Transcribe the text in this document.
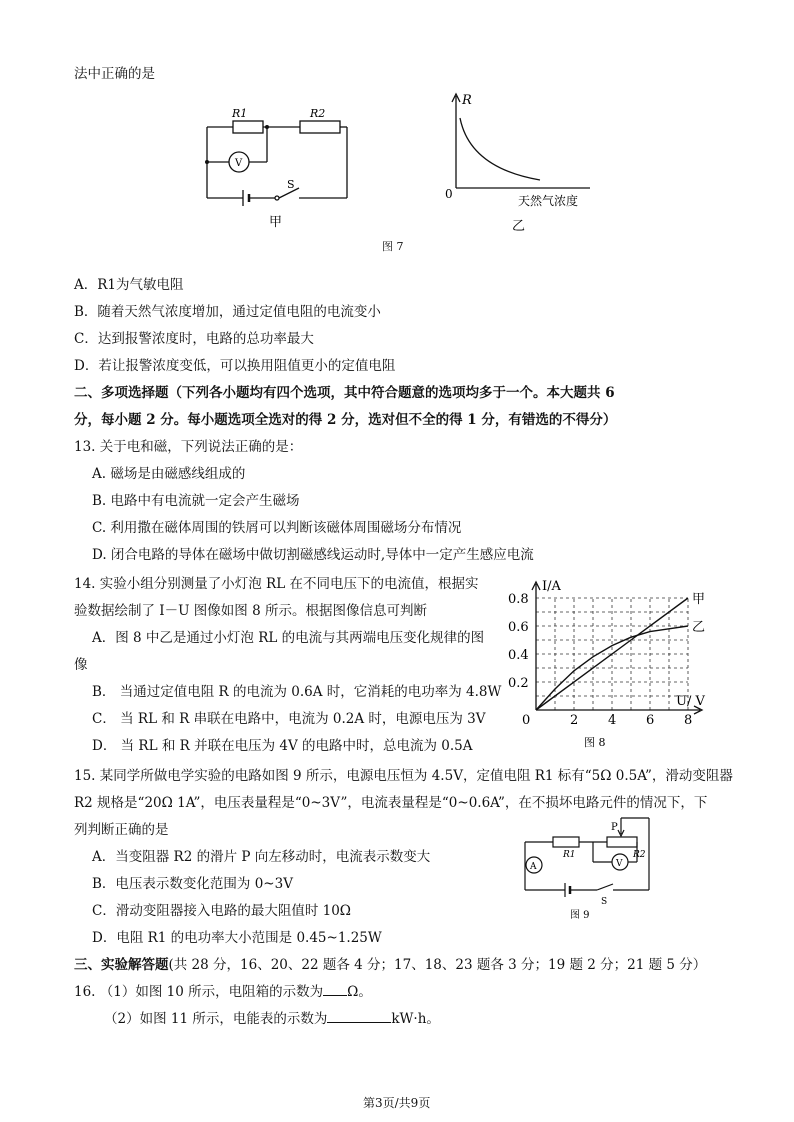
法中正确的是
R1	R2
V
S
甲
R
0	天然气浓度
乙
图 7
A．R1为气敏电阻
B．随着天然气浓度增加，通过定值电阻的电流变小
C．达到报警浓度时，电路的总功率最大
D．若让报警浓度变低，可以换用阻值更小的定值电阻
二、多项选择题（下列各小题均有四个选项，其中符合题意的选项均多于一个。本大题共 6
分，每小题 2 分。每小题选项全选对的得 2 分，选对但不全的得 1 分，有错选的不得分）
13. 关于电和磁，下列说法正确的是：
A. 磁场是由磁感线组成的
B. 电路中有电流就一定会产生磁场
C. 利用撒在磁体周围的铁屑可以判断该磁体周围磁场分布情况
D. 闭合电路的导体在磁场中做切割磁感线运动时,导体中一定产生感应电流
14. 实验小组分别测量了小灯泡 RL 在不同电压下的电流值，根据实
验数据绘制了 I－U 图像如图 8 所示。根据图像信息可判断
A．图 8 中乙是通过小灯泡 RL 的电流与其两端电压变化规律的图
像
B． 当通过定值电阻 R 的电流为 0.6A 时，它消耗的电功率为 4.8W
C． 当 RL 和 R 串联在电路中，电流为 0.2A 时，电源电压为 3V
D． 当 RL 和 R 并联在电压为 4V 的电路中时，总电流为 0.5A
2 4 6 8
0.2
0.4
0.6
0.8	甲
乙
I/A
U/ V
0
图 8
15. 某同学所做电学实验的电路如图 9 所示，电源电压恒为 4.5V，定值电阻 R1 标有“5Ω 0.5A”，滑动变阻器
R2 规格是“20Ω 1A”，电压表量程是“0~3V”，电流表量程是“0~0.6A”，在不损坏电路元件的情况下，下
列判断正确的是
A．当变阻器 R2 的滑片 P 向左移动时，电流表示数变大
B．电压表示数变化范围为 0~3V
C．滑动变阻器接入电路的最大阻值时 10Ω
D．电阻 R1 的电功率大小范围是 0.45~1.25W
P
R1	R2
A	V
S
图 9
三、实验解答题(共 28 分，16、20、22 题各 4 分；17、18、23 题各 3 分；19 题 2 分；21 题 5 分）
16. （1）如图 10 所示，电阻箱的示数为 Ω。
（2）如图 11 所示，电能表的示数为	kW·h。
第3页/共9页
